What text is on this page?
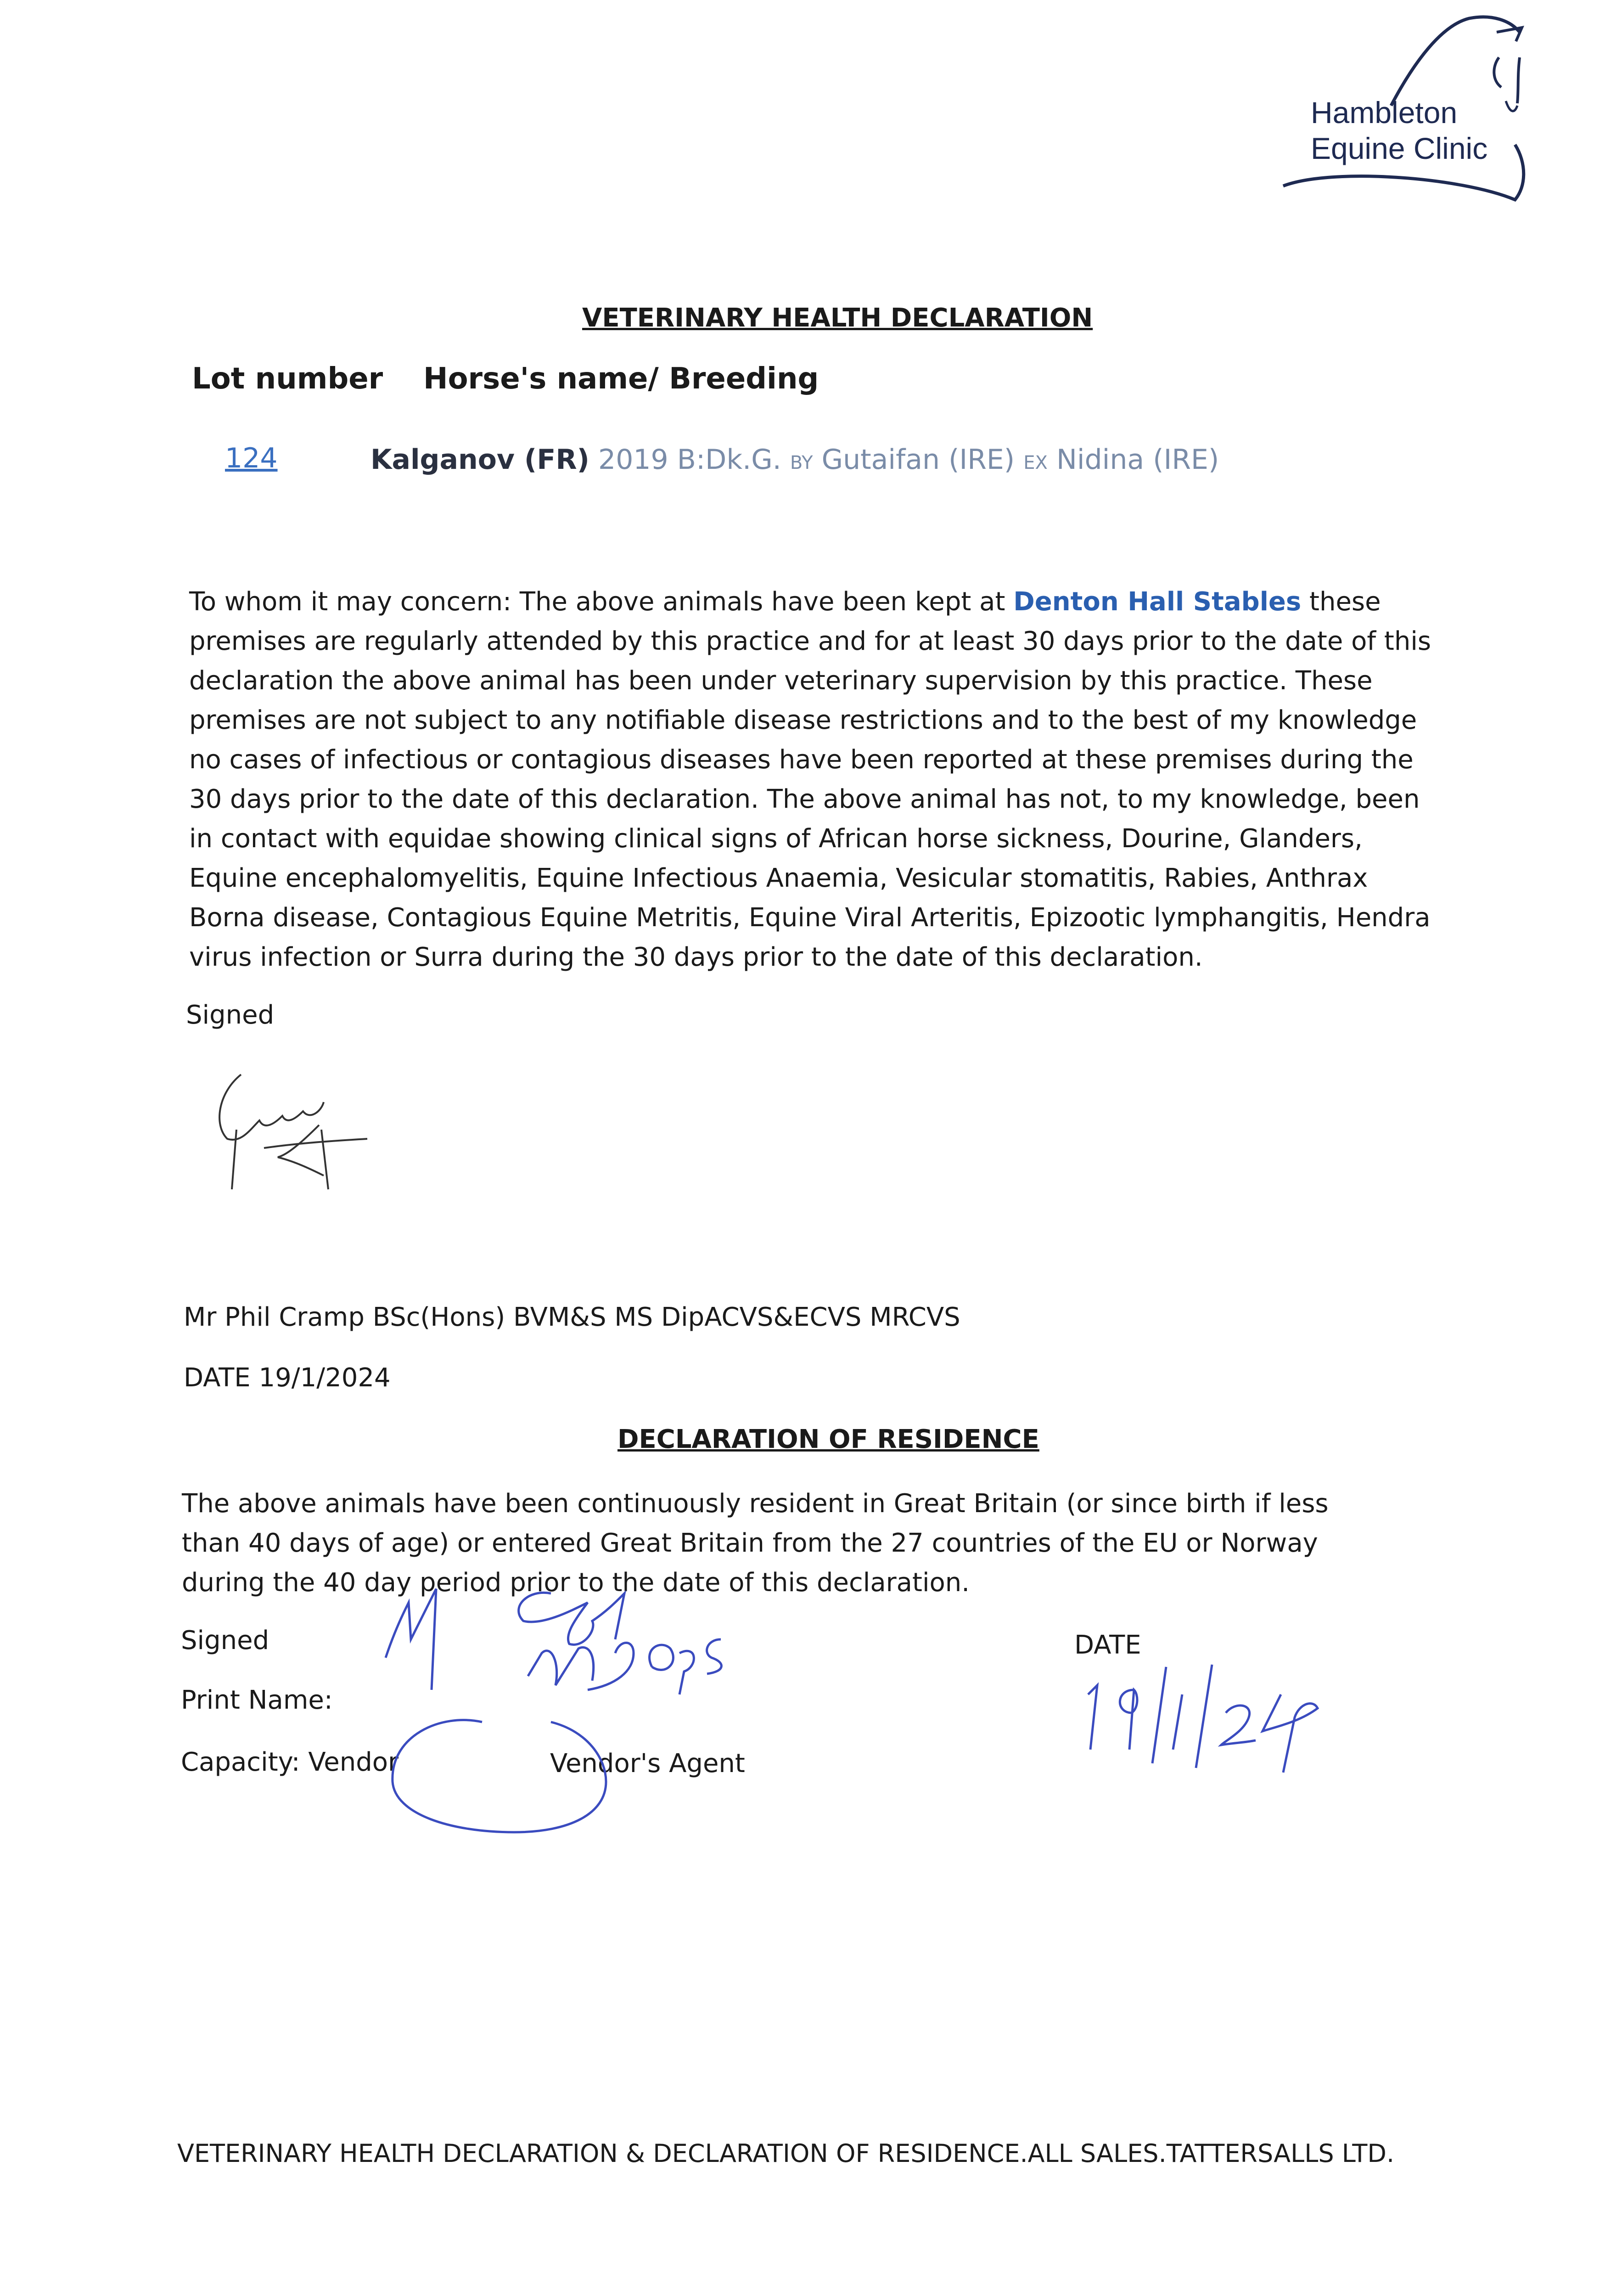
Hambleton
Equine Clinic
VETERINARY HEALTH DECLARATION
Lot number Horse's name/ Breeding
124	Kalganov (FR) 2019 B:Dk.G. BY Gutaifan (IRE) EX Nidina (IRE)
To whom it may concern: The above animals have been kept at Denton Hall Stables these premises are regularly attended by this practice and for at least 30 days prior to the date of this declaration the above animal has been under veterinary supervision by this practice. These premises are not subject to any notifiable disease restrictions and to the best of my knowledge no cases of infectious or contagious diseases have been reported at these premises during the 30 days prior to the date of this declaration. The above animal has not, to my knowledge, been in contact with equidae showing clinical signs of African horse sickness, Dourine, Glanders, Equine encephalomyelitis, Equine Infectious Anaemia, Vesicular stomatitis, Rabies, Anthrax Borna disease, Contagious Equine Metritis, Equine Viral Arteritis, Epizootic lymphangitis, Hendra virus infection or Surra during the 30 days prior to the date of this declaration.
Signed
Mr Phil Cramp BSc(Hons) BVM&S MS DipACVS&ECVS MRCVS
DATE 19/1/2024
DECLARATION OF RESIDENCE
The above animals have been continuously resident in Great Britain (or since birth if less than 40 days of age) or entered Great Britain from the 27 countries of the EU or Norway during the 40 day period prior to the date of this declaration.
Signed
Print Name:
Capacity: Vendor	Vendor's Agent
DATE
VETERINARY HEALTH DECLARATION & DECLARATION OF RESIDENCE.ALL SALES.TATTERSALLS LTD.
